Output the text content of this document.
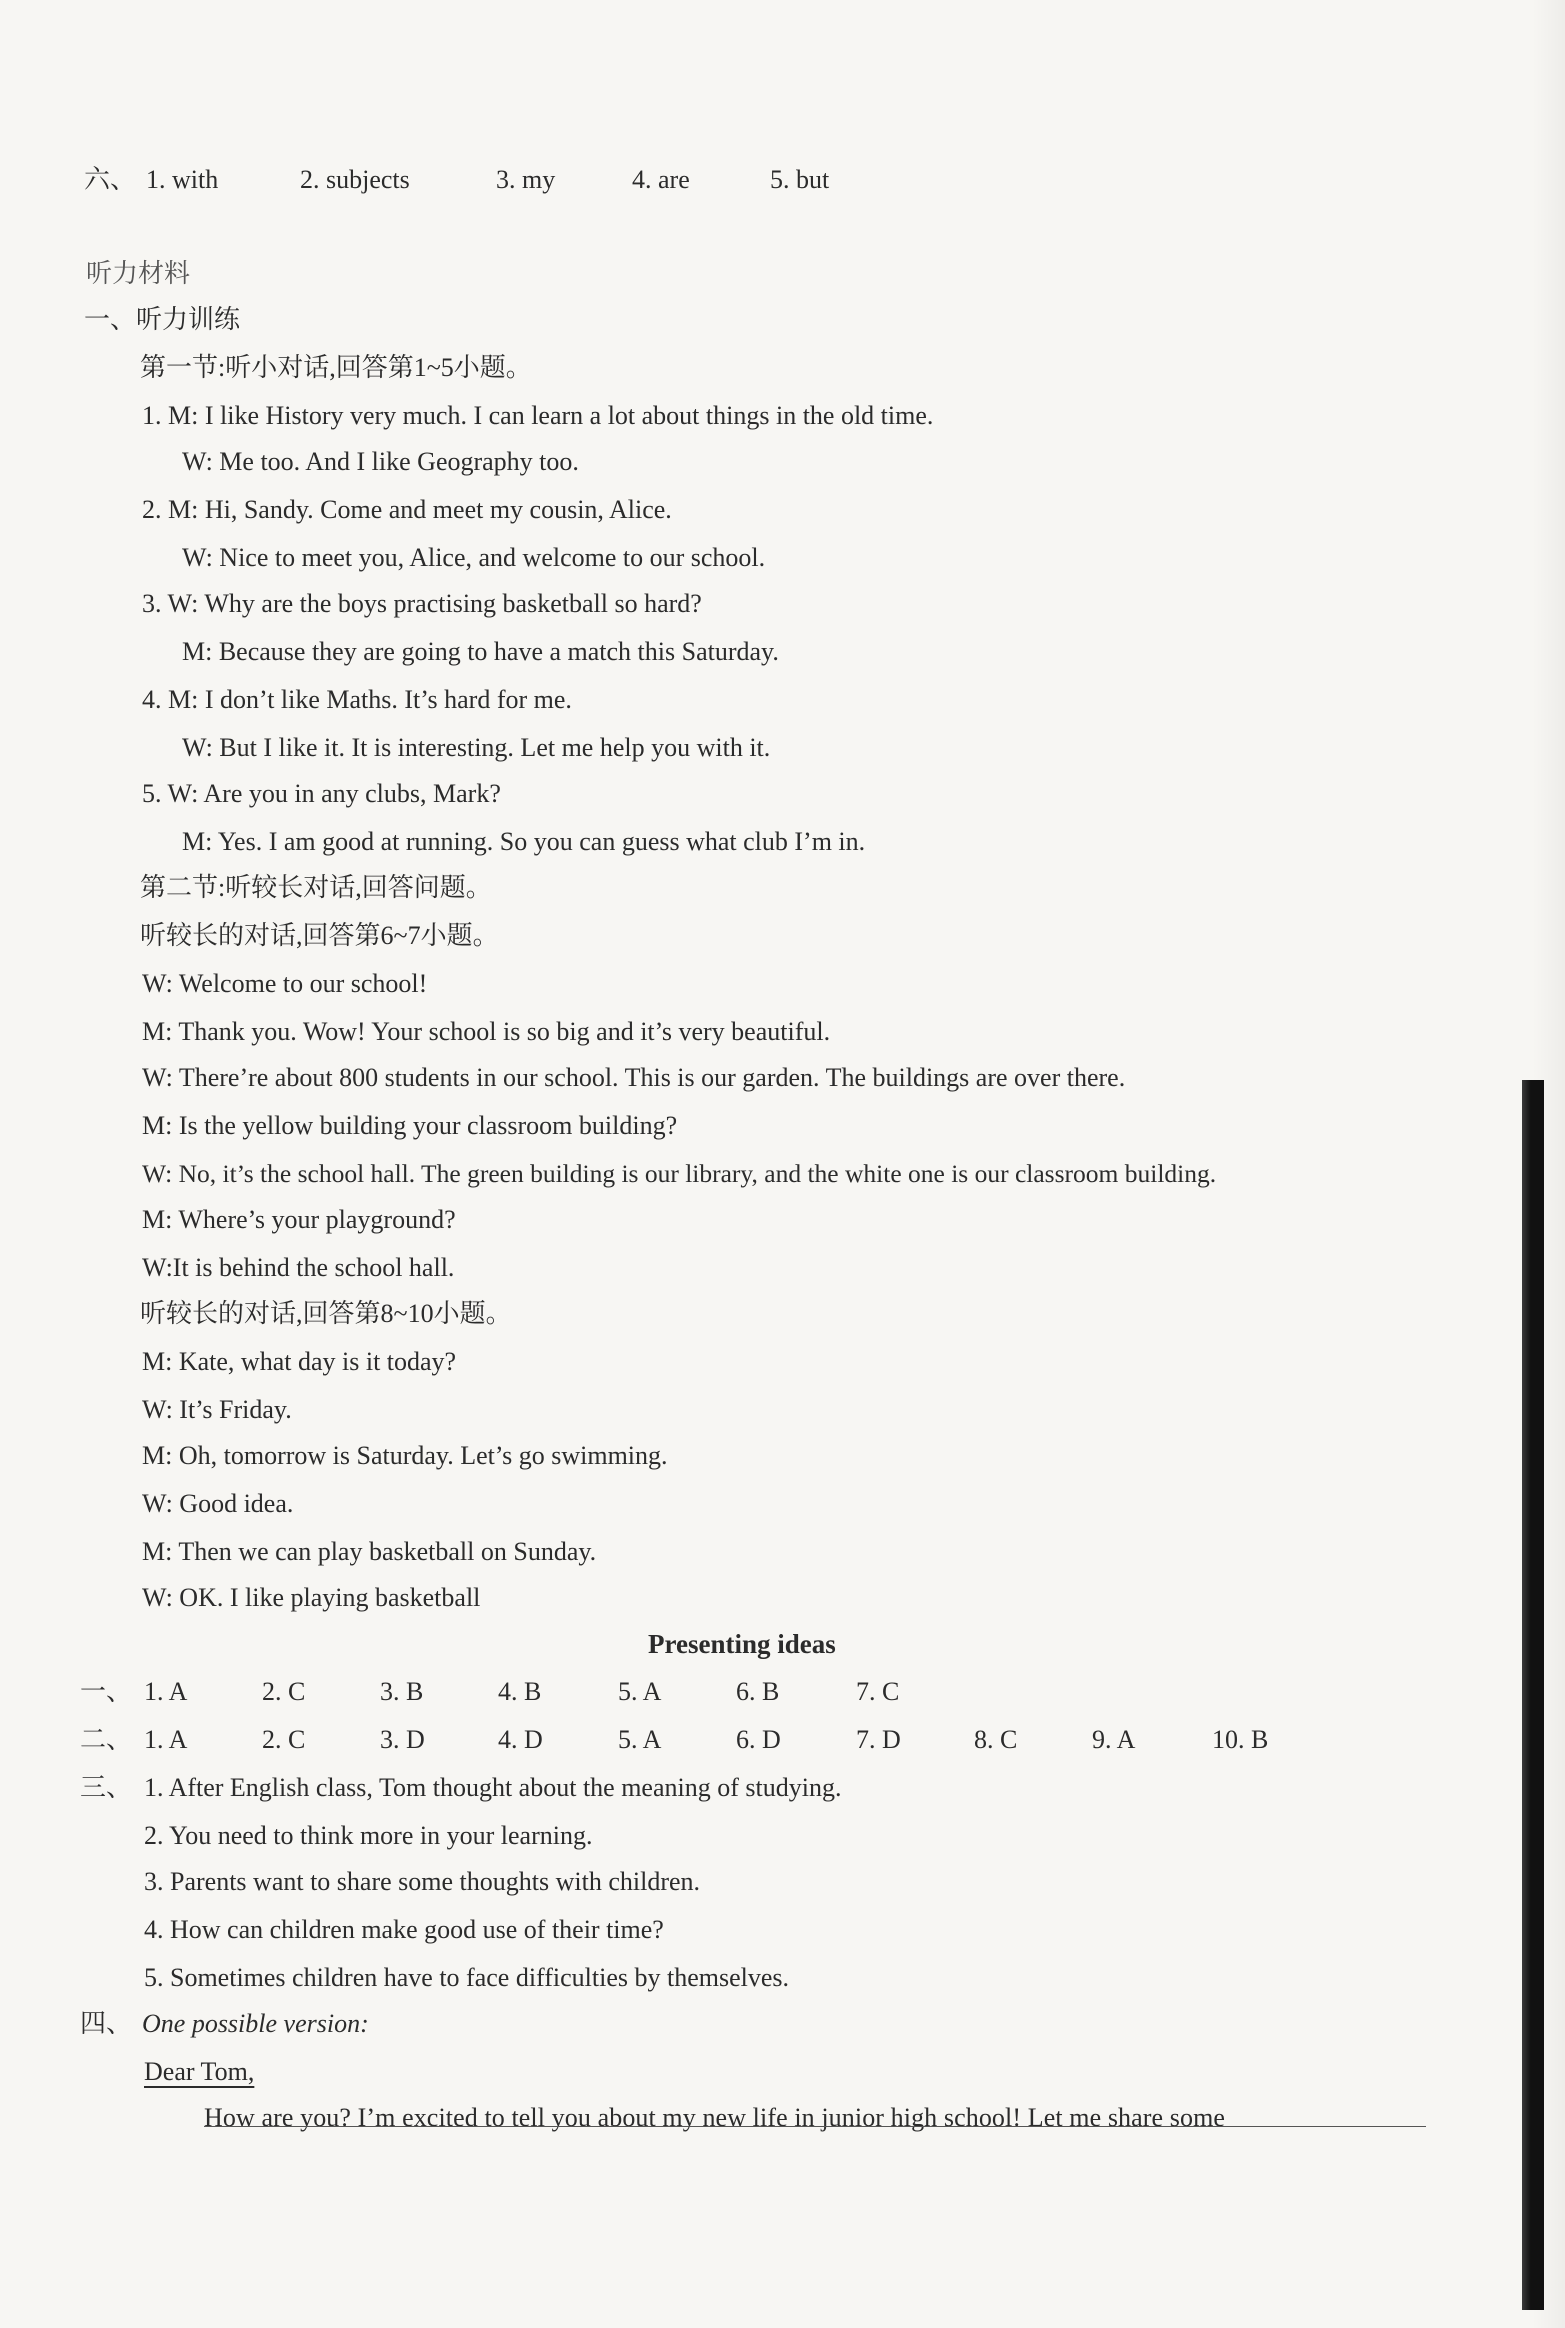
六、 1. with	2. subjects	3. my	4. are	5. but
听力材料
一、听力训练
第一节:听小对话,回答第1~5小题。
1. M: I like History very much. I can learn a lot about things in the old time.
W: Me too. And I like Geography too.
2. M: Hi, Sandy. Come and meet my cousin, Alice.
W: Nice to meet you, Alice, and welcome to our school.
3. W: Why are the boys practising basketball so hard?
M: Because they are going to have a match this Saturday.
4. M: I don’t like Maths. It’s hard for me.
W: But I like it. It is interesting. Let me help you with it.
5. W: Are you in any clubs, Mark?
M: Yes. I am good at running. So you can guess what club I’m in.
第二节:听较长对话,回答问题。
听较长的对话,回答第6~7小题。
W: Welcome to our school!
M: Thank you. Wow! Your school is so big and it’s very beautiful.
W: There’re about 800 students in our school. This is our garden. The buildings are over there.
M: Is the yellow building your classroom building?
W: No, it’s the school hall. The green building is our library, and the white one is our classroom building.
M: Where’s your playground?
W:It is behind the school hall.
听较长的对话,回答第8~10小题。
M: Kate, what day is it today?
W: It’s Friday.
M: Oh, tomorrow is Saturday. Let’s go swimming.
W: Good idea.
M: Then we can play basketball on Sunday.
W: OK. I like playing basketball
Presenting ideas
一、 1. A	2. C	3. B	4. B	5. A	6. B	7. C
二、 1. A	2. C	3. D	4. D	5. A	6. D	7. D	8. C	9. A	10. B
三、 1. After English class, Tom thought about the meaning of studying.
2. You need to think more in your learning.
3. Parents want to share some thoughts with children.
4. How can children make good use of their time?
5. Sometimes children have to face difficulties by themselves.
四、 One possible version:
Dear Tom,
How are you? I’m excited to tell you about my new life in junior high school! Let me share some
